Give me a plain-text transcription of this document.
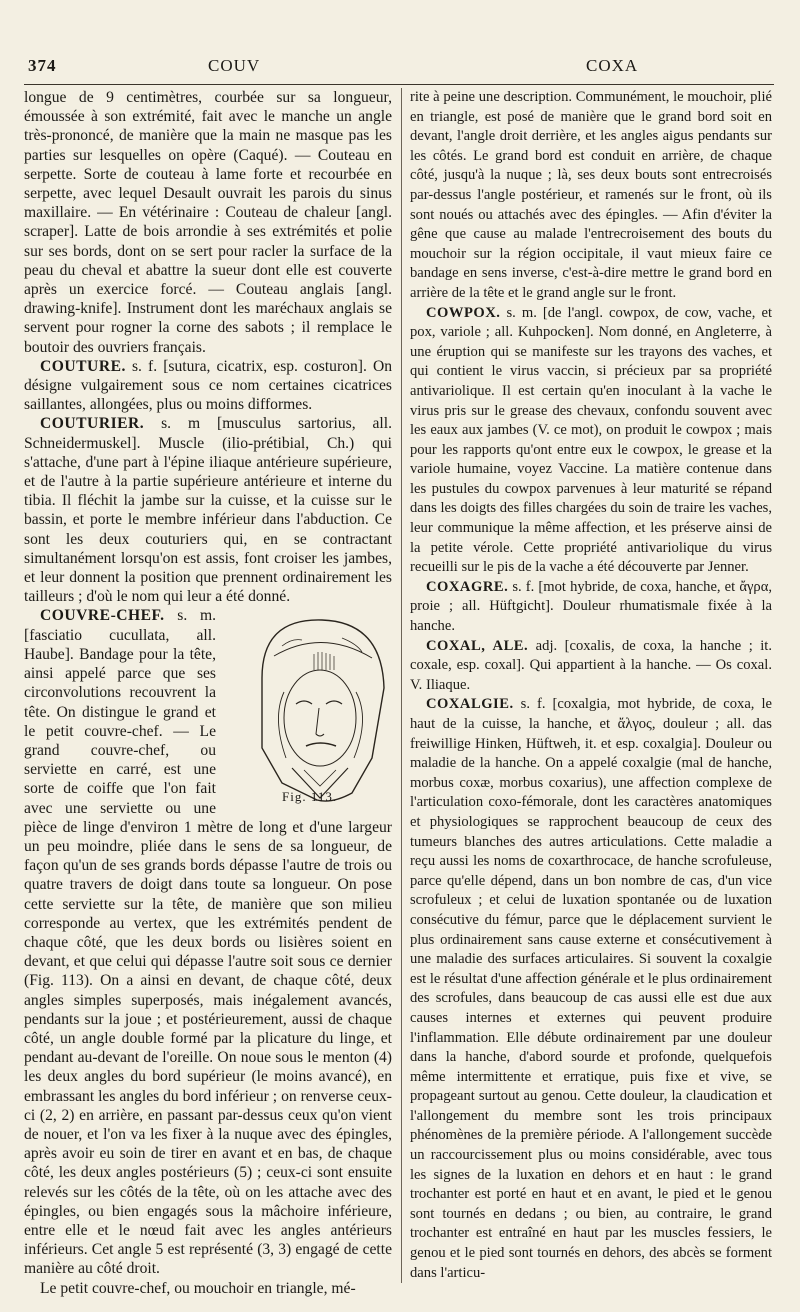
374	COUV	COXA

longue de 9 centimètres, courbée sur sa longueur, émoussée à son extrémité, fait avec le manche un angle très-prononcé, de manière que la main ne masque pas les parties sur lesquelles on opère (Caqué). — Couteau en serpette. Sorte de couteau à lame forte et recourbée en serpette, avec lequel Desault ouvrait les parois du sinus maxillaire. — En vétérinaire : Couteau de chaleur [angl. scraper]. Latte de bois arrondie à ses extrémités et polie sur ses bords, dont on se sert pour racler la surface de la peau du cheval et abattre la sueur dont elle est couverte après un exercice forcé. — Couteau anglais [angl. drawing-knife]. Instrument dont les maréchaux anglais se servent pour rogner la corne des sabots ; il remplace le boutoir des ouvriers français.

COUTURE. s. f. [sutura, cicatrix, esp. costuron]. On désigne vulgairement sous ce nom certaines cicatrices saillantes, allongées, plus ou moins difformes.

COUTURIER. s. m [musculus sartorius, all. Schneidermuskel]. Muscle (ilio-prétibial, Ch.) qui s'attache, d'une part à l'épine iliaque antérieure supérieure, et de l'autre à la partie supérieure antérieure et interne du tibia. Il fléchit la jambe sur la cuisse, et la cuisse sur le bassin, et porte le membre inférieur dans l'abduction. Ce sont les deux couturiers qui, en se contractant simultanément lorsqu'on est assis, font croiser les jambes, et leur donnent la position que prennent ordinairement les tailleurs ; d'où le nom qui leur a été donné.

Fig. 113.
COUVRE-CHEF. s. m. [fasciatio cucullata, all. Haube]. Bandage pour la tête, ainsi appelé parce que ses circonvolutions recouvrent la tête. On distingue le grand et le petit couvre-chef. — Le grand couvre-chef, ou serviette en carré, est une sorte de coiffe que l'on fait avec une serviette ou une pièce de linge d'environ 1 mètre de long et d'une largeur un peu moindre, pliée dans le sens de sa longueur, de façon qu'un de ses grands bords dépasse l'autre de trois ou quatre travers de doigt dans toute sa longueur. On pose cette serviette sur la tête, de manière que son milieu corresponde au vertex, que les extrémités pendent de chaque côté, que les deux bords ou lisières soient en devant, et que celui qui dépasse l'autre soit sous ce dernier (Fig. 113). On a ainsi en devant, de chaque côté, deux angles simples superposés, mais inégalement avancés, pendants sur la joue ; et postérieurement, aussi de chaque côté, un angle double formé par la plicature du linge, et pendant au-devant de l'oreille. On noue sous le menton (4) les deux angles du bord supérieur (le moins avancé), en embrassant les angles du bord inférieur ; on renverse ceux-ci (2, 2) en arrière, en passant par-dessus ceux qu'on vient de nouer, et l'on va les fixer à la nuque avec des épingles, après avoir eu soin de tirer en avant et en bas, de chaque côté, les deux angles postérieurs (5) ; ceux-ci sont ensuite relevés sur les côtés de la tête, où on les attache avec des épingles, ou bien engagés sous la mâchoire inférieure, entre elle et le nœud fait avec les angles antérieurs inférieurs. Cet angle 5 est représenté (3, 3) engagé de cette manière au côté droit.

Le petit couvre-chef, ou mouchoir en triangle, mé-

rite à peine une description. Communément, le mouchoir, plié en triangle, est posé de manière que le grand bord soit en devant, l'angle droit derrière, et les angles aigus pendants sur les côtés. Le grand bord est conduit en arrière, de chaque côté, jusqu'à la nuque ; là, ses deux bouts sont entrecroisés par-dessus l'angle postérieur, et ramenés sur le front, où ils sont noués ou attachés avec des épingles. — Afin d'éviter la gêne que cause au malade l'entrecroisement des bouts du mouchoir sur la région occipitale, il vaut mieux faire ce bandage en sens inverse, c'est-à-dire mettre le grand bord en arrière de la tête et le grand angle sur le front.

COWPOX. s. m. [de l'angl. cowpox, de cow, vache, et pox, variole ; all. Kuhpocken]. Nom donné, en Angleterre, à une éruption qui se manifeste sur les trayons des vaches, et qui contient le virus vaccin, si précieux par sa propriété antivariolique. Il est certain qu'en inoculant à la vache le virus pris sur le grease des chevaux, confondu souvent avec les eaux aux jambes (V. ce mot), on produit le cowpox ; mais pour les rapports qu'ont entre eux le cowpox, le grease et la variole humaine, voyez Vaccine. La matière contenue dans les pustules du cowpox parvenues à leur maturité se répand dans les doigts des filles chargées du soin de traire les vaches, leur communique la même affection, et les préserve ainsi de la petite vérole. Cette propriété antivariolique du virus recueilli sur le pis de la vache a été découverte par Jenner.

COXAGRE. s. f. [mot hybride, de coxa, hanche, et ἄγρα, proie ; all. Hüftgicht]. Douleur rhumatismale fixée à la hanche.

COXAL, ALE. adj. [coxalis, de coxa, la hanche ; it. coxale, esp. coxal]. Qui appartient à la hanche. — Os coxal. V. Iliaque.

COXALGIE. s. f. [coxalgia, mot hybride, de coxa, le haut de la cuisse, la hanche, et ἄλγος, douleur ; all. das freiwillige Hinken, Hüftweh, it. et esp. coxalgia]. Douleur ou maladie de la hanche. On a appelé coxalgie (mal de hanche, morbus coxæ, morbus coxarius), une affection complexe de l'articulation coxo-fémorale, dont les caractères anatomiques et physiologiques se rapprochent beaucoup de ceux des tumeurs blanches des autres articulations. Cette maladie a reçu aussi les noms de coxarthrocace, de hanche scrofuleuse, parce qu'elle dépend, dans un bon nombre de cas, d'un vice scrofuleux ; et celui de luxation spontanée ou de luxation consécutive du fémur, parce que le déplacement survient le plus ordinairement sans cause externe et consécutivement à une maladie des surfaces articulaires. Si souvent la coxalgie est le résultat d'une affection générale et le plus ordinairement des scrofules, dans beaucoup de cas aussi elle est due aux causes internes et externes qui peuvent produire l'inflammation. Elle débute ordinairement par une douleur dans la hanche, d'abord sourde et profonde, quelquefois même intermittente et erratique, puis fixe et vive, se propageant surtout au genou. Cette douleur, la claudication et l'allongement du membre sont les trois principaux phénomènes de la première période. A l'allongement succède un raccourcissement plus ou moins considérable, avec tous les signes de la luxation en dehors et en haut : le grand trochanter est porté en haut et en avant, le pied et le genou sont tournés en dedans ; ou bien, au contraire, le grand trochanter est entraîné en haut par les muscles fessiers, le genou et le pied sont tournés en dehors, des abcès se forment dans l'articu-
